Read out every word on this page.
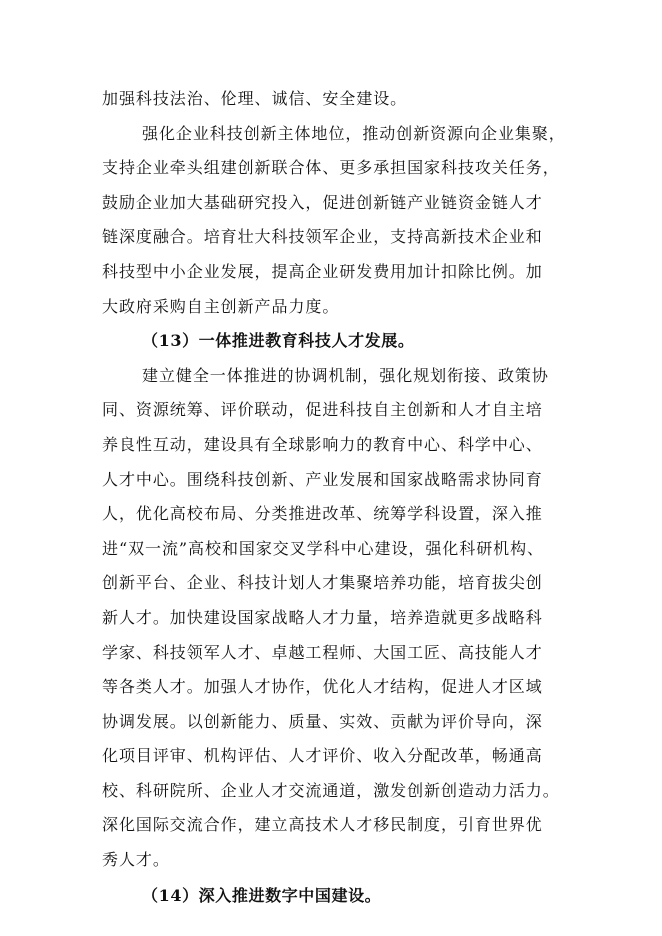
加强科技法治、伦理、诚信、安全建设。
强化企业科技创新主体地位，推动创新资源向企业集聚，
支持企业牵头组建创新联合体、更多承担国家科技攻关任务，
鼓励企业加大基础研究投入，促进创新链产业链资金链人才
链深度融合。培育壮大科技领军企业，支持高新技术企业和
科技型中小企业发展，提高企业研发费用加计扣除比例。加
大政府采购自主创新产品力度。
（13）一体推进教育科技人才发展。
建立健全一体推进的协调机制，强化规划衔接、政策协
同、资源统筹、评价联动，促进科技自主创新和人才自主培
养良性互动，建设具有全球影响力的教育中心、科学中心、
人才中心。围绕科技创新、产业发展和国家战略需求协同育
人，优化高校布局、分类推进改革、统筹学科设置，深入推
进“双一流”高校和国家交叉学科中心建设，强化科研机构、
创新平台、企业、科技计划人才集聚培养功能，培育拔尖创
新人才。加快建设国家战略人才力量，培养造就更多战略科
学家、科技领军人才、卓越工程师、大国工匠、高技能人才
等各类人才。加强人才协作，优化人才结构，促进人才区域
协调发展。以创新能力、质量、实效、贡献为评价导向，深
化项目评审、机构评估、人才评价、收入分配改革，畅通高
校、科研院所、企业人才交流通道，激发创新创造动力活力。
深化国际交流合作，建立高技术人才移民制度，引育世界优
秀人才。
（14）深入推进数字中国建设。
